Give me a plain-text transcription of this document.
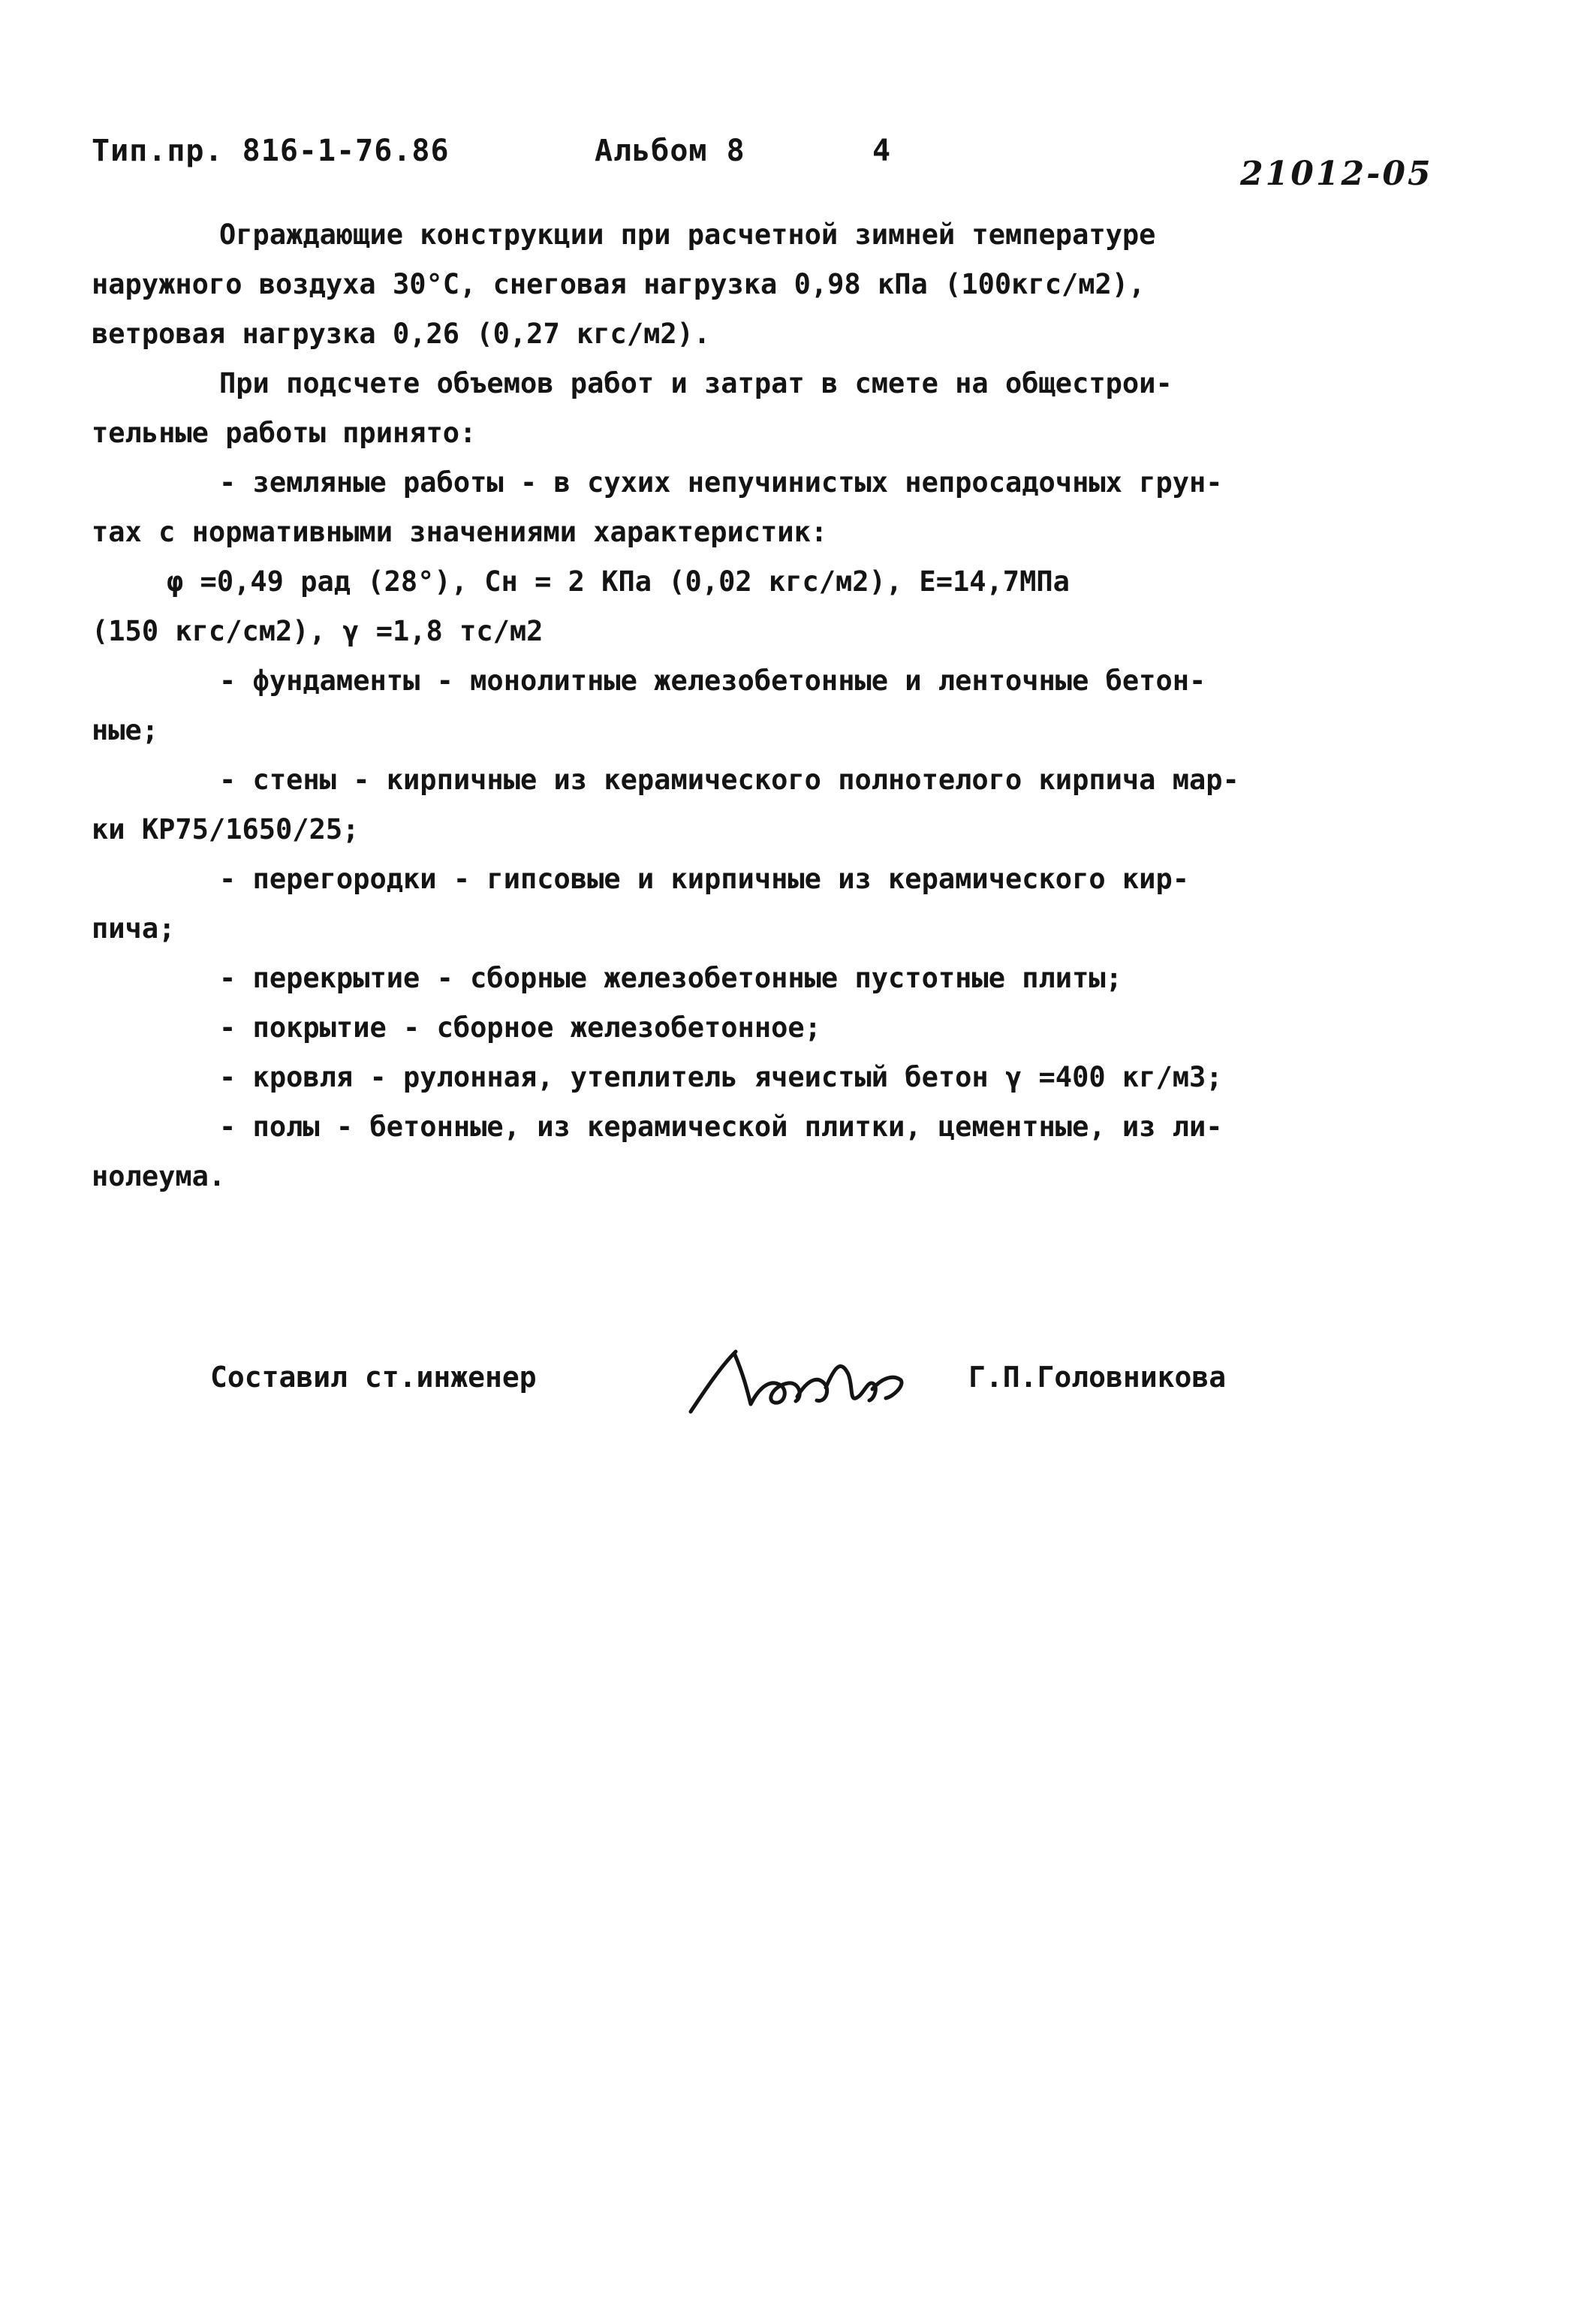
Тип.пр. 816-1-76.86	Альбом 8	4
21012-05
Ограждающие конструкции при расчетной зимней температуре
наружного воздуха 30°С, снеговая нагрузка 0,98 кПа (100кгс/м2),
ветровая нагрузка 0,26 (0,27 кгс/м2).
При подсчете объемов работ и затрат в смете на общестрои-
тельные работы принято:
- земляные работы - в сухих непучинистых непросадочных грун-
тах с нормативными значениями характеристик:
φ =0,49 рад (28°), Cн = 2 КПа (0,02 кгс/м2), E=14,7МПа
(150 кгс/см2), γ =1,8 тс/м2
- фундаменты - монолитные железобетонные и ленточные бетон-
ные;
- стены - кирпичные из керамического полнотелого кирпича мар-
ки КР75/1650/25;
- перегородки - гипсовые и кирпичные из керамического кир-
пича;
- перекрытие - сборные железобетонные пустотные плиты;
- покрытие - сборное железобетонное;
- кровля - рулонная, утеплитель ячеистый бетон γ =400 кг/м3;
- полы - бетонные, из керамической плитки, цементные, из ли-
нолеума.
Составил ст.инженер	Г.П.Головникова
